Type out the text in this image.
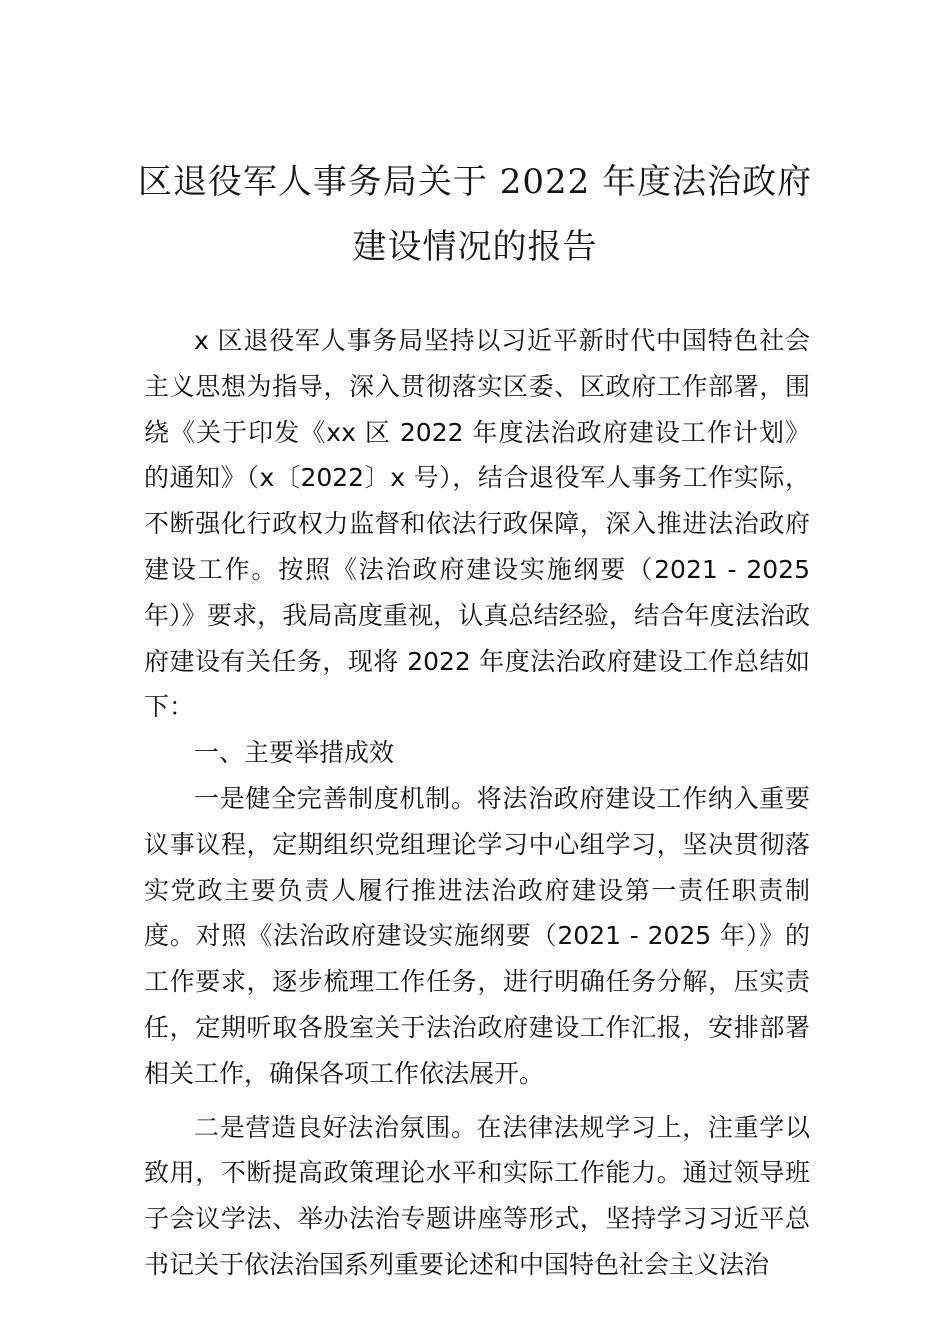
区退役军人事务局关于 2022 年度法治政府
建设情况的报告

x 区退役军人事务局坚持以习近平新时代中国特色社会主义思想为指导，深入贯彻落实区委、区政府工作部署，围绕《关于印发《xx 区 2022 年度法治政府建设工作计划》的通知》（x〔2022〕x 号），结合退役军人事务工作实际，不断强化行政权力监督和依法行政保障，深入推进法治政府建设工作。按照《法治政府建设实施纲要（2021 - 2025 年）》要求，我局高度重视，认真总结经验，结合年度法治政府建设有关任务，现将 2022 年度法治政府建设工作总结如下：

一、主要举措成效

一是健全完善制度机制。将法治政府建设工作纳入重要议事议程，定期组织党组理论学习中心组学习，坚决贯彻落实党政主要负责人履行推进法治政府建设第一责任职责制 度。对照《法治政府建设实施纲要（2021 - 2025 年）》的工作要求，逐步梳理工作任务，进行明确任务分解，压实责任，定期听取各股室关于法治政府建设工作汇报，安排部署相关工作，确保各项工作依法展开。

二是营造良好法治氛围。在法律法规学习上，注重学以致用，不断提高政策理论水平和实际工作能力。通过领导班子会议学法、举办法治专题讲座等形式，坚持学习习近平总书记关于依法治国系列重要论述和中国特色社会主义法治
